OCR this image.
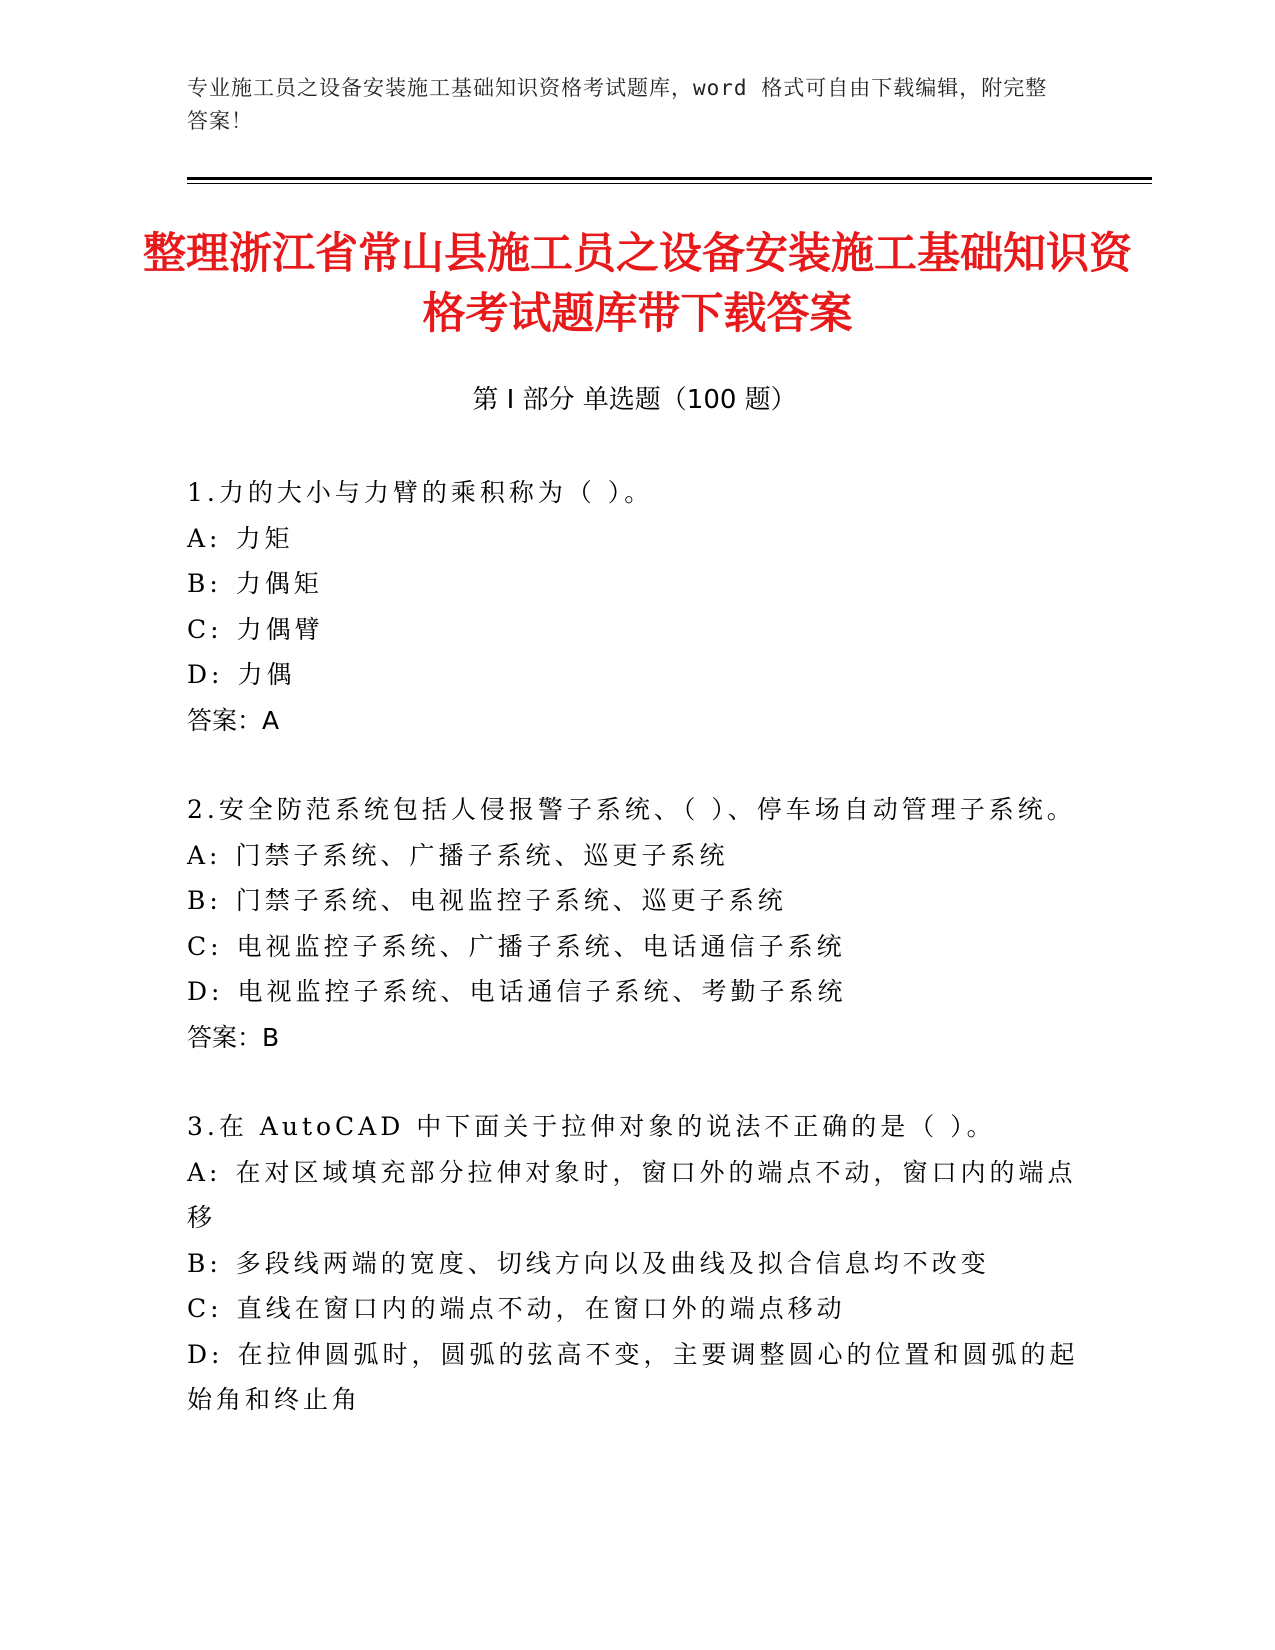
专业施工员之设备安装施工基础知识资格考试题库，word 格式可自由下载编辑，附完整答案！
整理浙江省常山县施工员之设备安装施工基础知识资格考试题库带下载答案
第 I 部分 单选题（100 题）
1.力的大小与力臂的乘积称为（ ）。
A: 力矩
B: 力偶矩
C: 力偶臂
D: 力偶
答案：A
2.安全防范系统包括人侵报警子系统、（ ）、停车场自动管理子系统。
A: 门禁子系统、广播子系统、巡更子系统
B: 门禁子系统、电视监控子系统、巡更子系统
C: 电视监控子系统、广播子系统、电话通信子系统
D: 电视监控子系统、电话通信子系统、考勤子系统
答案：B
3.在 AutoCAD 中下面关于拉伸对象的说法不正确的是（ ）。
A: 在对区域填充部分拉伸对象时，窗口外的端点不动，窗口内的端点移
B: 多段线两端的宽度、切线方向以及曲线及拟合信息均不改变
C: 直线在窗口内的端点不动，在窗口外的端点移动
D: 在拉伸圆弧时，圆弧的弦高不变，主要调整圆心的位置和圆弧的起始角和终止角
